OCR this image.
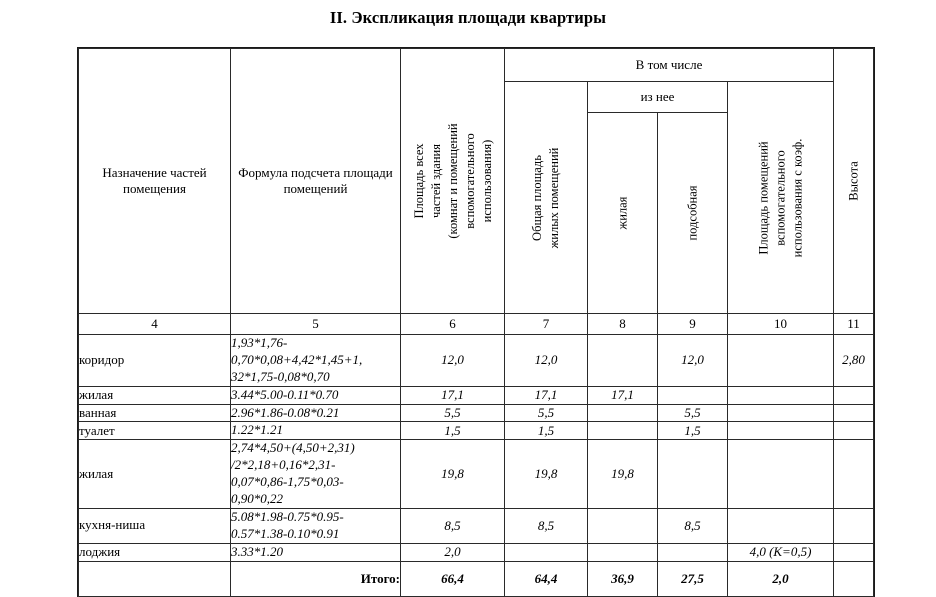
II. Экспликация площади квартиры
Назначение частей помещения	Формула подсчета площади помещений	Площадь всех частей здания (комнат и помещений вспомогательного использования)	В том числе				Высота

			Общая площадь жилых помещений	из нее		Площадь помещений вспомогательного использования с коэф.	

				жилая	подсобная		

4	5	6	7	8	9	10	11
коридор	1,93*1,76-
0,70*0,08+4,42*1,45+1,
32*1,75-0,08*0,70	12,0	12,0		12,0		2,80
жилая	3.44*5.00-0.11*0.70	17,1	17,1	17,1			
ванная	2.96*1.86-0.08*0.21	5,5	5,5		5,5		
туалет	1.22*1.21	1,5	1,5		1,5		
жилая	2,74*4,50+(4,50+2,31)
/2*2,18+0,16*2,31-
0,07*0,86-1,75*0,03-
0,90*0,22	19,8	19,8	19,8			
кухня-ниша	5.08*1.98-0.75*0.95-
0.57*1.38-0.10*0.91	8,5	8,5		8,5		
лоджия	3.33*1.20	2,0				4,0 (К=0,5)	
	Итого:	66,4	64,4	36,9	27,5	2,0	
